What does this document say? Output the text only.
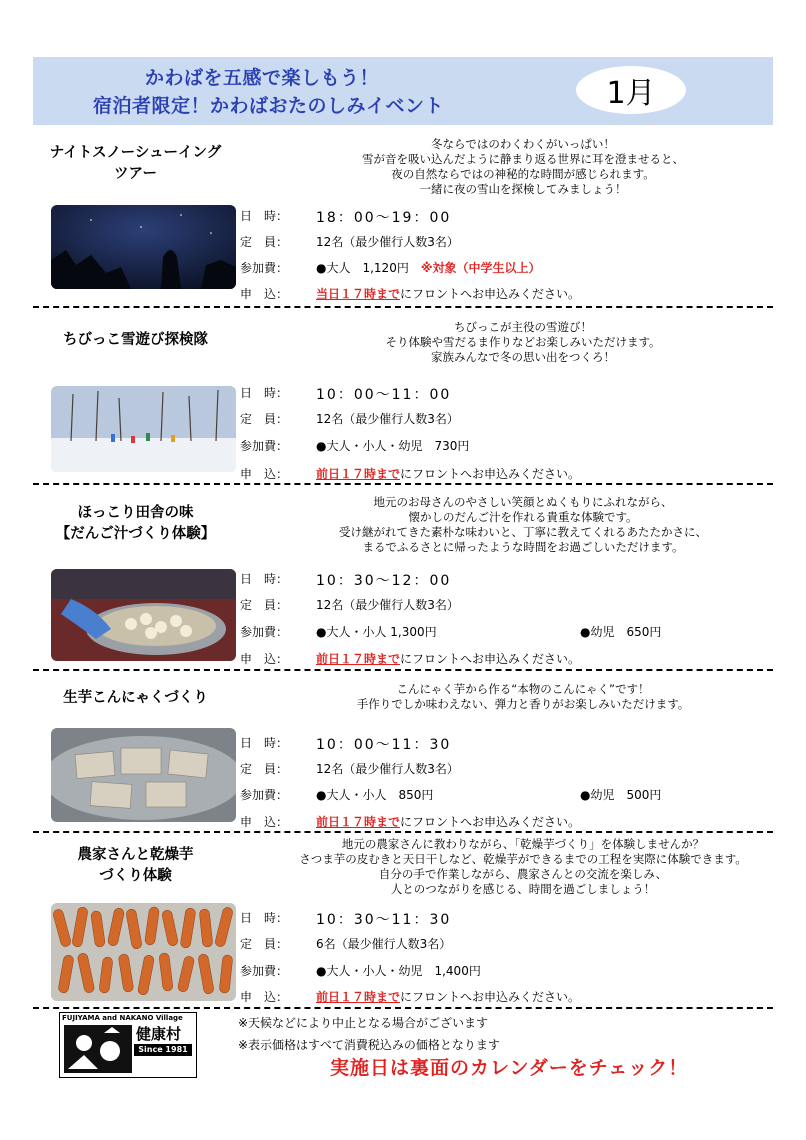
かわばを五感で楽しもう！
宿泊者限定！かわばおたのしみイベント	1月
ナイトスノーシューイング
ツアー
冬ならではのわくわくがいっぱい！
雪が音を吸い込んだように静まり返る世界に耳を澄ませると、
夜の自然ならではの神秘的な時間が感じられます。
一緒に夜の雪山を探検してみましょう！
日　時： 18：00～19：00
定　員： 12名（最少催行人数3名）
参加費： ●大人　1,120円　 ※対象（中学生以上）
申　込： 当日１７時までにフロントへお申込みください。
ちびっこ雪遊び探検隊
ちびっこが主役の雪遊び！
そり体験や雪だるま作りなどお楽しみいただけます。
家族みんなで冬の思い出をつくろ！
日　時： 10：00～11：00
定　員： 12名（最少催行人数3名）
参加費： ●大人・小人・幼児　730円
申　込： 前日１７時までにフロントへお申込みください。
ほっこり田舎の味
【だんご汁づくり体験】
地元のお母さんのやさしい笑顔とぬくもりにふれながら、
懐かしのだんご汁を作れる貴重な体験です。
受け継がれてきた素朴な味わいと、丁寧に教えてくれるあたたかさに、
まるでふるさとに帰ったような時間をお過ごしいただけます。
日　時： 10：30～12：00
定　員： 12名（最少催行人数3名）
参加費： ●大人・小人 1,300円	●幼児　650円
申　込： 前日１７時までにフロントへお申込みください。
生芋こんにゃくづくり
こんにゃく芋から作る“本物のこんにゃく”です！
手作りでしか味わえない、弾力と香りがお楽しみいただけます。
日　時： 10：00～11：30
定　員： 12名（最少催行人数3名）
参加費： ●大人・小人　850円	●幼児　500円
申　込： 前日１７時までにフロントへお申込みください。
農家さんと乾燥芋
づくり体験
地元の農家さんに教わりながら、「乾燥芋づくり」を体験しませんか？
さつま芋の皮むきと天日干しなど、乾燥芋ができるまでの工程を実際に体験できます。
自分の手で作業しながら、農家さんとの交流を楽しみ、
人とのつながりを感じる、時間を過ごしましょう！
日　時： 10：30～11：30
定　員： 6名（最少催行人数3名）
参加費： ●大人・小人・幼児　1,400円
申　込： 前日１７時までにフロントへお申込みください。
FUJIYAMA and NAKANO Village
健康村
Since 1981
※天候などにより中止となる場合がございます
※表示価格はすべて消費税込みの価格となります
実施日は裏面のカレンダーをチェック！
